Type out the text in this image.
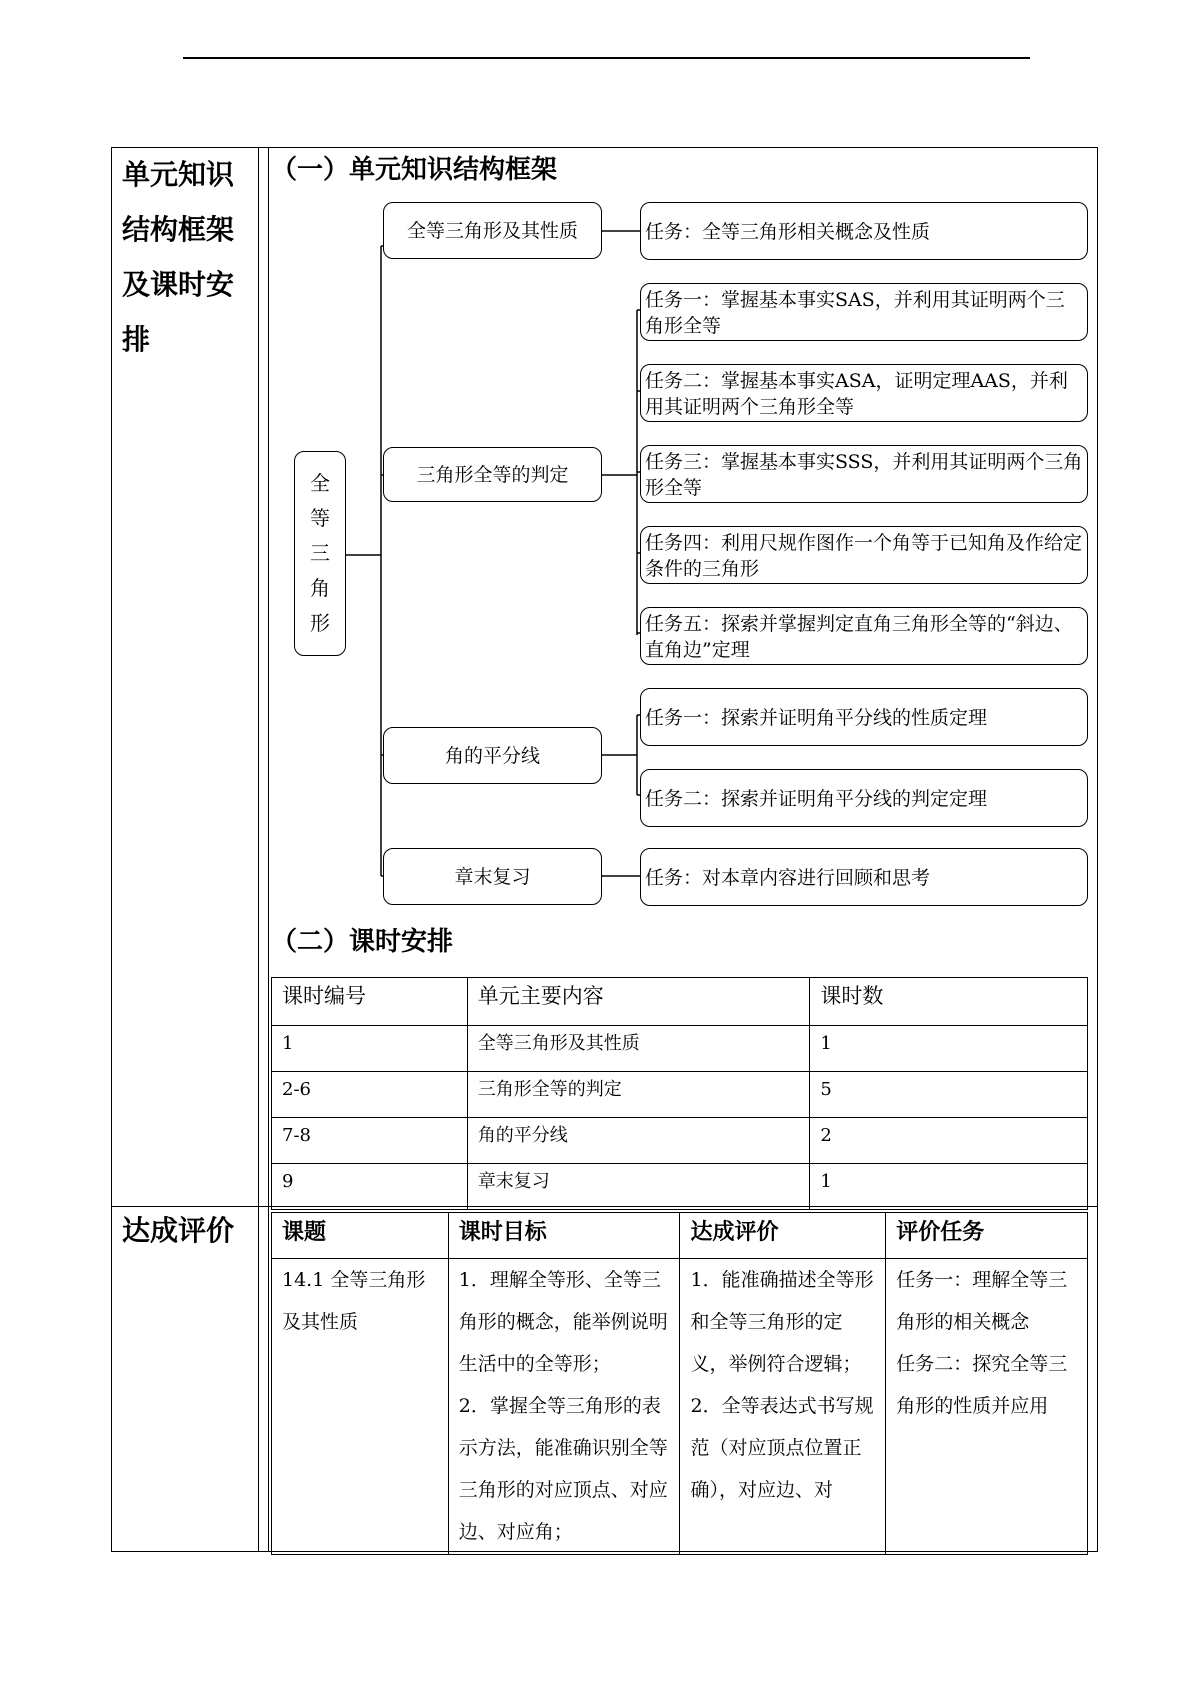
单元知识
结构框架
及课时安
排
达成评价
（一）单元知识结构框架
（二）课时安排
全
等
三
角
形
全等三角形及其性质
三角形全等的判定
角的平分线
章末复习
任务：全等三角形相关概念及性质
任务一：掌握基本事实SAS，并利用其证明两个三角形全等
任务二：掌握基本事实ASA，证明定理AAS，并利用其证明两个三角形全等
任务三：掌握基本事实SSS，并利用其证明两个三角形全等
任务四：利用尺规作图作一个角等于已知角及作给定条件的三角形
任务五：探索并掌握判定直角三角形全等的“斜边、直角边”定理
任务一：探索并证明角平分线的性质定理
任务二：探索并证明角平分线的判定定理
任务：对本章内容进行回顾和思考
课时编号	单元主要内容	课时数
1	全等三角形及其性质	1
2-6	三角形全等的判定	5
7-8	角的平分线	2
9	章末复习	1
课题	课时目标	达成评价	评价任务

14.1 全等三角形及其性质	1．理解全等形、全等三角形的概念，能举例说明生活中的全等形；
2．掌握全等三角形的表示方法，能准确识别全等三角形的对应顶点、对应边、对应角；	1．能准确描述全等形和全等三角形的定义，举例符合逻辑；
2．全等表达式书写规范（对应顶点位置正确），对应边、对	任务一：理解全等三角形的相关概念
任务二：探究全等三角形的性质并应用
